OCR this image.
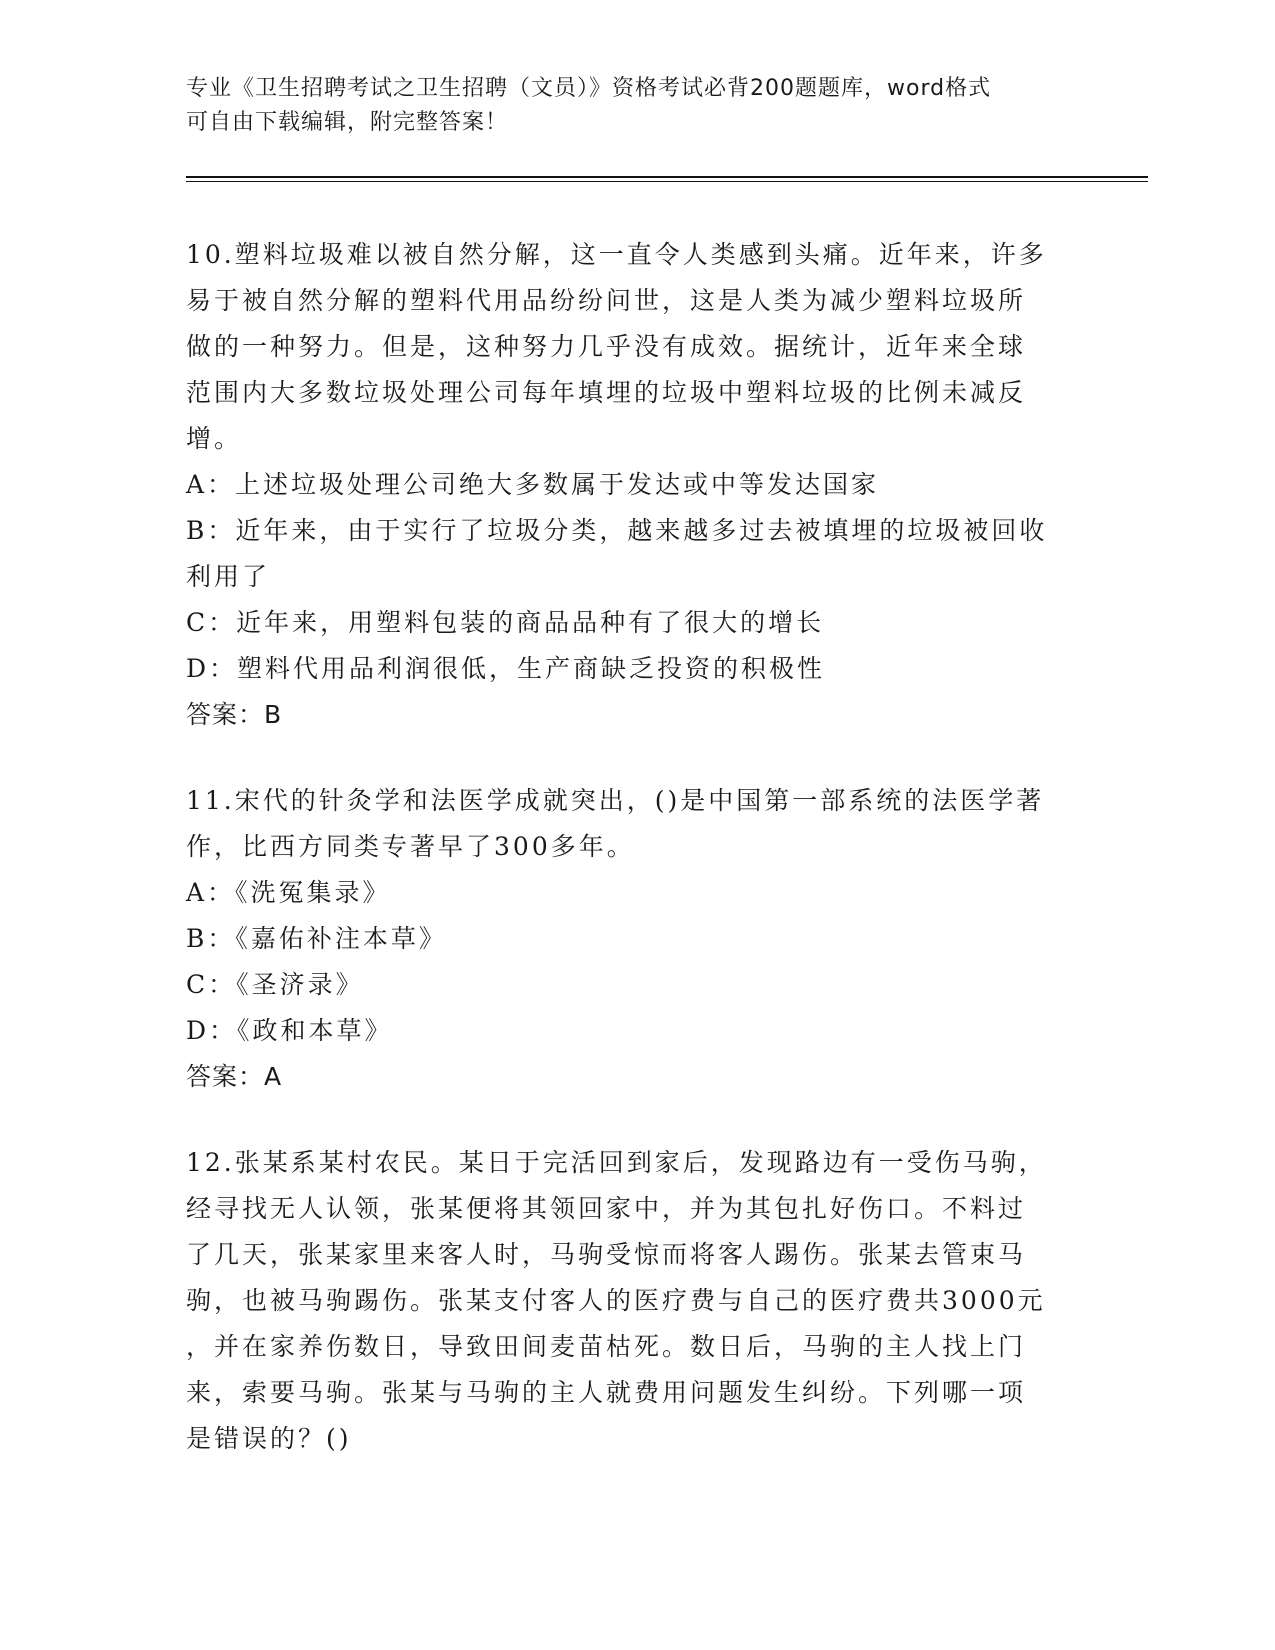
专业《卫生招聘考试之卫生招聘（文员）》资格考试必背200题题库，word格式

可自由下载编辑，附完整答案！

10.塑料垃圾难以被自然分解，这一直令人类感到头痛。近年来，许多

易于被自然分解的塑料代用品纷纷问世，这是人类为减少塑料垃圾所

做的一种努力。但是，这种努力几乎没有成效。据统计，近年来全球

范围内大多数垃圾处理公司每年填埋的垃圾中塑料垃圾的比例未减反

增。

A：上述垃圾处理公司绝大多数属于发达或中等发达国家

B：近年来，由于实行了垃圾分类，越来越多过去被填埋的垃圾被回收

利用了

C：近年来，用塑料包装的商品品种有了很大的增长

D：塑料代用品利润很低，生产商缺乏投资的积极性

答案：B

11.宋代的针灸学和法医学成就突出，()是中国第一部系统的法医学著

作，比西方同类专著早了300多年。

A：《洗冤集录》

B：《嘉佑补注本草》

C：《圣济录》

D：《政和本草》

答案：A

12.张某系某村农民。某日于完活回到家后，发现路边有一受伤马驹，

经寻找无人认领，张某便将其领回家中，并为其包扎好伤口。不料过

了几天，张某家里来客人时，马驹受惊而将客人踢伤。张某去管束马

驹，也被马驹踢伤。张某支付客人的医疗费与自己的医疗费共3000元

，并在家养伤数日，导致田间麦苗枯死。数日后，马驹的主人找上门

来，索要马驹。张某与马驹的主人就费用问题发生纠纷。下列哪一项

是错误的？()
